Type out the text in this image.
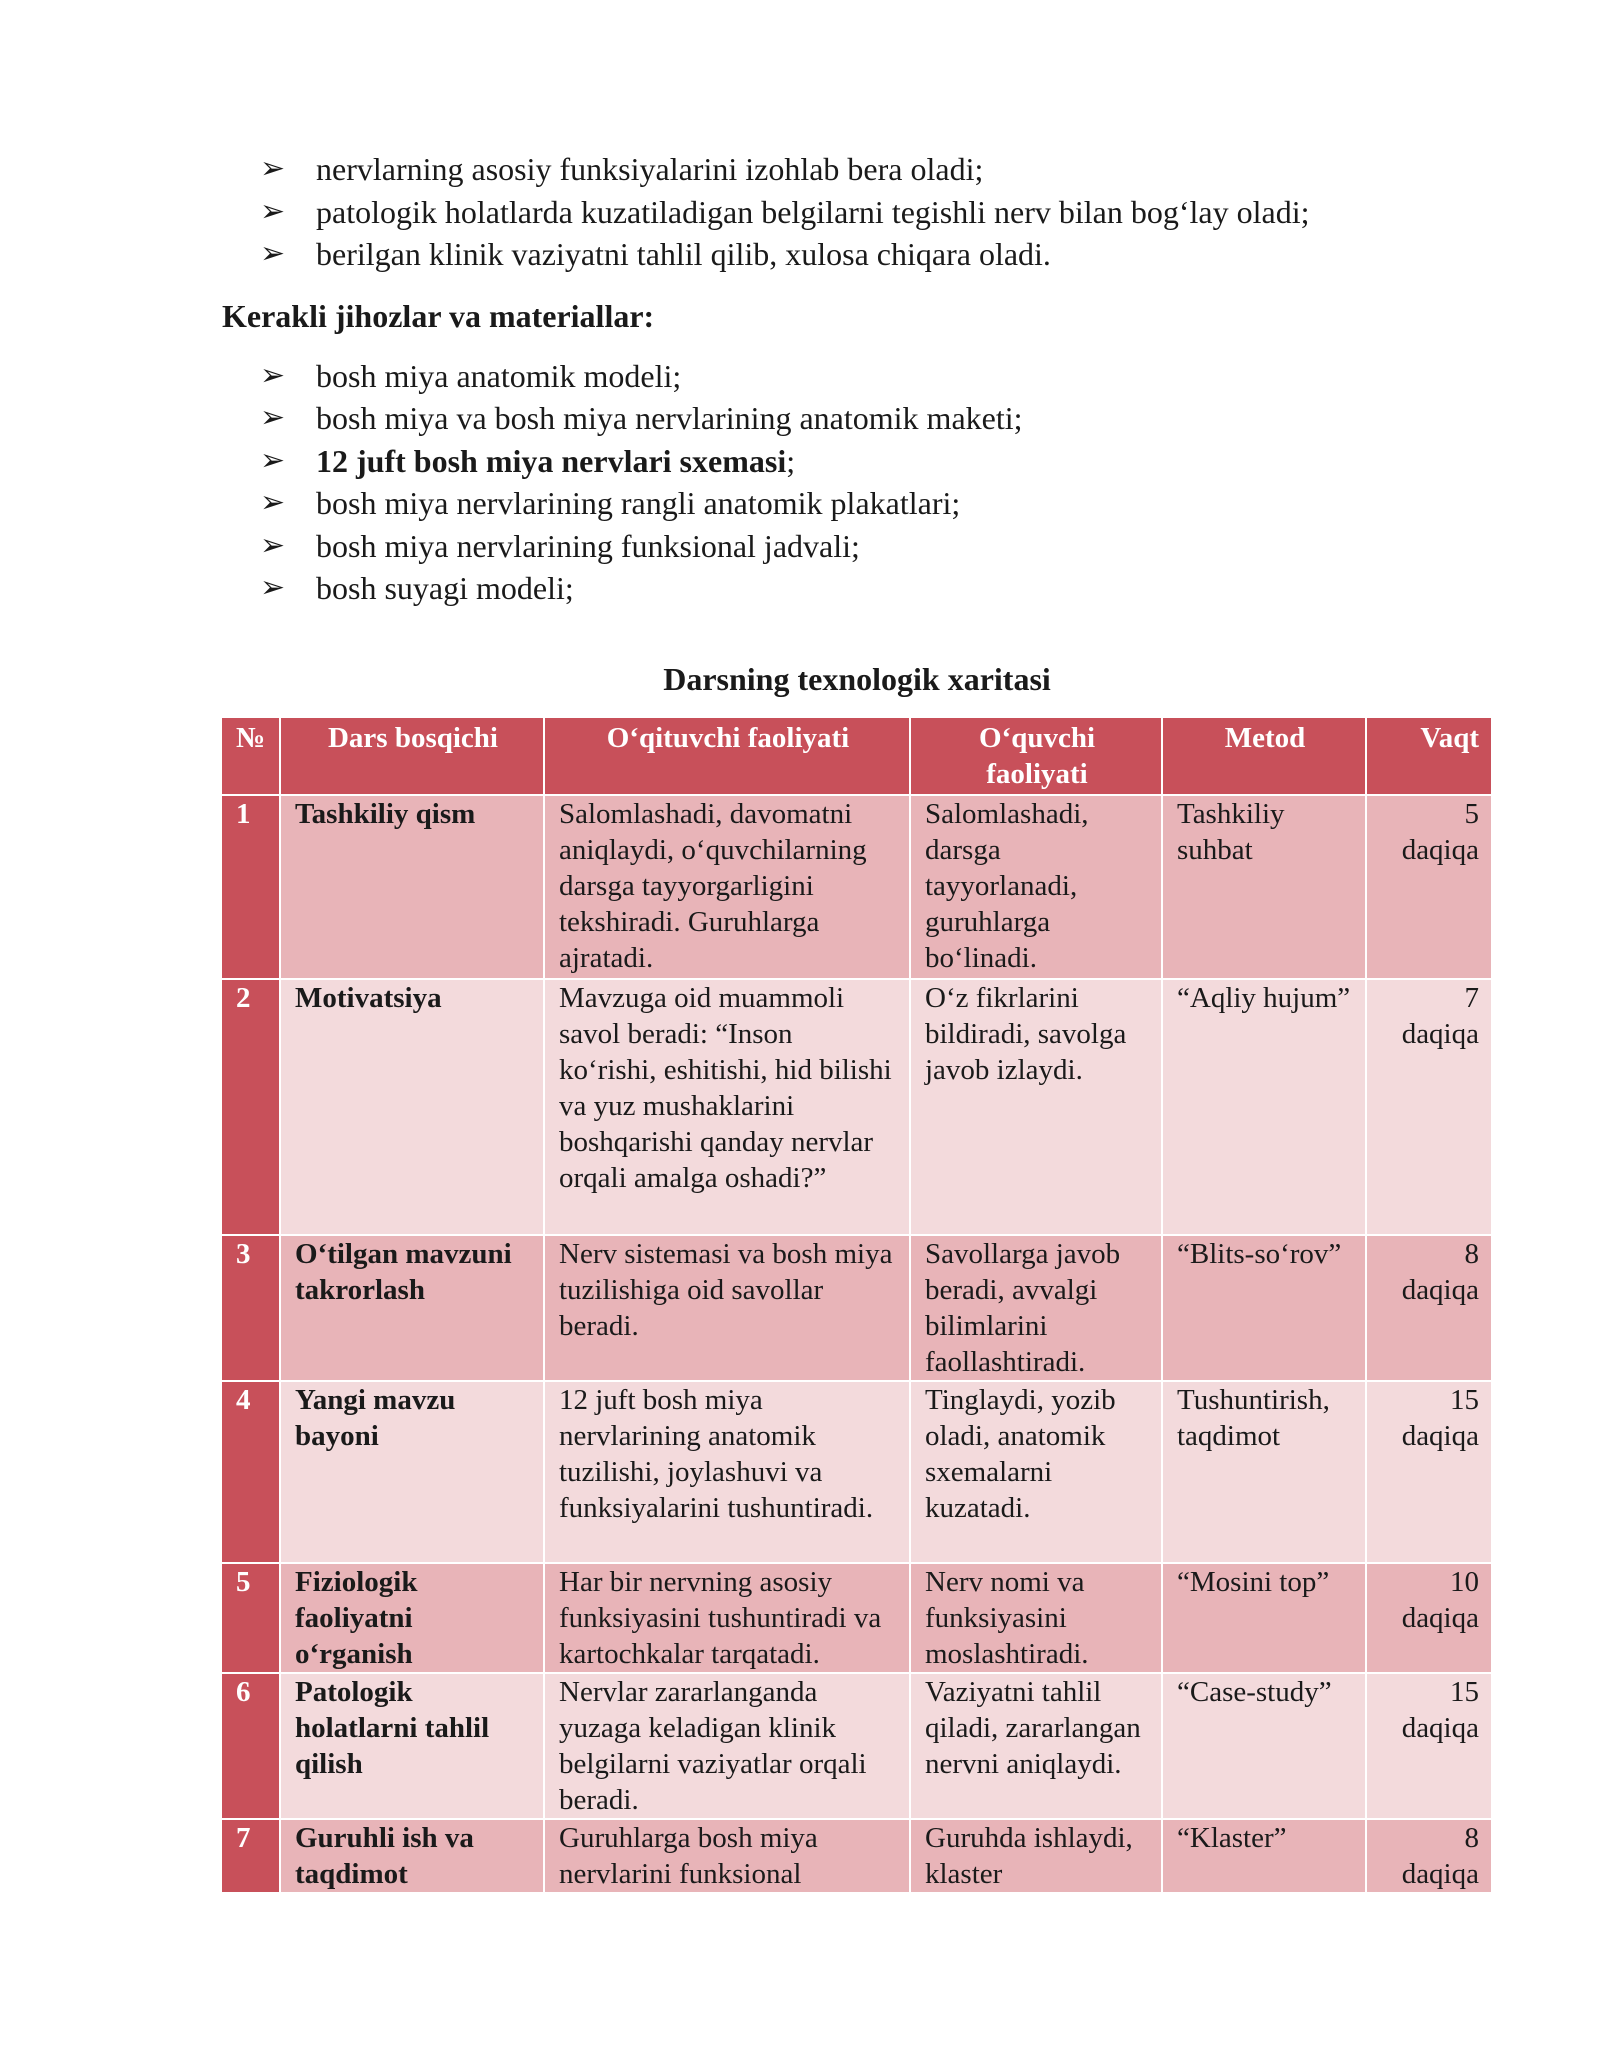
➢ nervlarning asosiy funksiyalarini izohlab bera oladi;
➢ patologik holatlarda kuzatiladigan belgilarni tegishli nerv bilan bog‘lay oladi;
➢ berilgan klinik vaziyatni tahlil qilib, xulosa chiqara oladi.
Kerakli jihozlar va materiallar:
➢ bosh miya anatomik modeli;
➢ bosh miya va bosh miya nervlarining anatomik maketi;
➢ 12 juft bosh miya nervlari sxemasi;
➢ bosh miya nervlarining rangli anatomik plakatlari;
➢ bosh miya nervlarining funksional jadvali;
➢ bosh suyagi modeli;
Darsning texnologik xaritasi
№	Dars bosqichi	O‘qituvchi faoliyati	O‘quvchi faoliyati	Metod	Vaqt
1	Tashkiliy qism	Salomlashadi, davomatni aniqlaydi, o‘quvchilarning darsga tayyorgarligini tekshiradi. Guruhlarga ajratadi.	Salomlashadi, darsga tayyorlanadi, guruhlarga bo‘linadi.	Tashkiliy suhbat	5 daqiqa
2	Motivatsiya	Mavzuga oid muammoli savol beradi: “Inson ko‘rishi, eshitishi, hid bilishi va yuz mushaklarini boshqarishi qanday nervlar orqali amalga oshadi?”	O‘z fikrlarini bildiradi, savolga javob izlaydi.	“Aqliy hujum”	7 daqiqa
3	O‘tilgan mavzuni takrorlash	Nerv sistemasi va bosh miya tuzilishiga oid savollar beradi.	Savollarga javob beradi, avvalgi bilimlarini faollashtiradi.	“Blits-so‘rov”	8 daqiqa
4	Yangi mavzu bayoni	12 juft bosh miya nervlarining anatomik tuzilishi, joylashuvi va funksiyalarini tushuntiradi.	Tinglaydi, yozib oladi, anatomik sxemalarni kuzatadi.	Tushuntirish, taqdimot	15 daqiqa
5	Fiziologik faoliyatni o‘rganish	Har bir nervning asosiy funksiyasini tushuntiradi va kartochkalar tarqatadi.	Nerv nomi va funksiyasini moslashtiradi.	“Mosini top”	10 daqiqa
6	Patologik holatlarni tahlil qilish	Nervlar zararlanganda yuzaga keladigan klinik belgilarni vaziyatlar orqali beradi.	Vaziyatni tahlil qiladi, zararlangan nervni aniqlaydi.	“Case-study”	15 daqiqa
7	Guruhli ish va taqdimot	Guruhlarga bosh miya nervlarini funksional	Guruhda ishlaydi, klaster	“Klaster”	8 daqiqa
